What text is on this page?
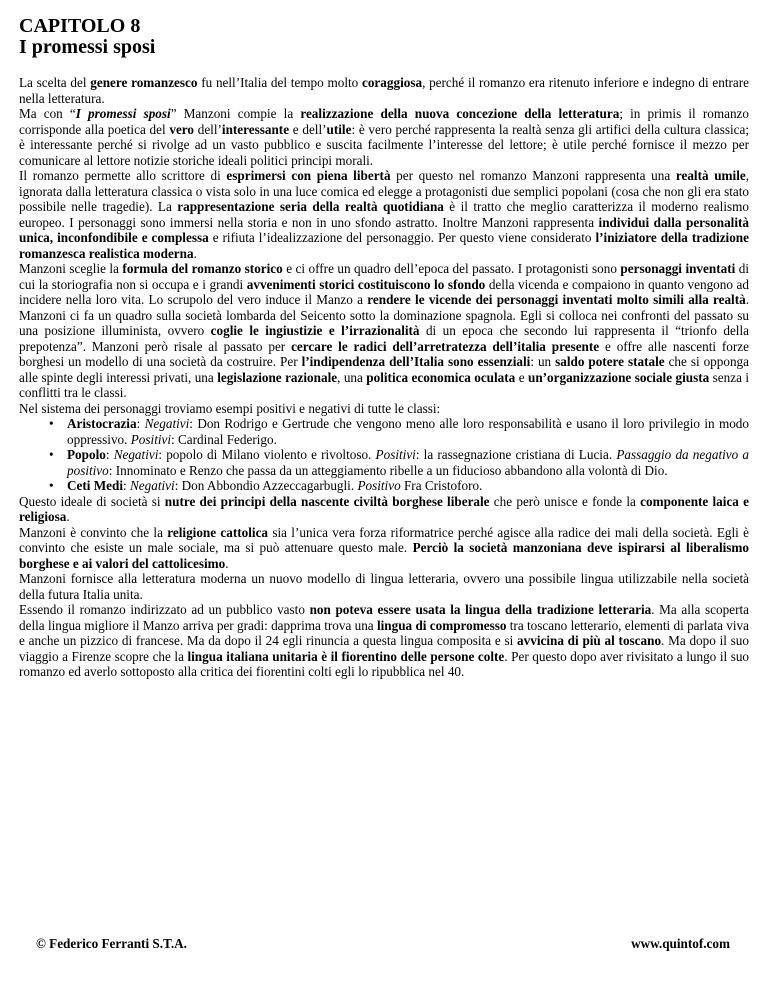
CAPITOLO 8
I promessi sposi

La scelta del genere romanzesco fu nell’Italia del tempo molto coraggiosa, perché il romanzo era ritenuto inferiore e indegno di entrare nella letteratura.

Ma con “I promessi sposi” Manzoni compie la realizzazione della nuova concezione della letteratura; in primis il romanzo corrisponde alla poetica del vero dell’interessante e dell’utile: è vero perché rappresenta la realtà senza gli artifici della cultura classica; è interessante perché si rivolge ad un vasto pubblico e suscita facilmente l’interesse del lettore; è utile perché fornisce il mezzo per comunicare al lettore notizie storiche ideali politici principi morali.

Il romanzo permette allo scrittore di esprimersi con piena libertà per questo nel romanzo Manzoni rappresenta una realtà umile, ignorata dalla letteratura classica o vista solo in una luce comica ed elegge a protagonisti due semplici popolani (cosa che non gli era stato possibile nelle tragedie). La rappresentazione seria della realtà quotidiana è il tratto che meglio caratterizza il moderno realismo europeo. I personaggi sono immersi nella storia e non in uno sfondo astratto. Inoltre Manzoni rappresenta individui dalla personalità unica, inconfondibile e complessa e rifiuta l’idealizzazione del personaggio. Per questo viene considerato l’iniziatore della tradizione romanzesca realistica moderna.

Manzoni sceglie la formula del romanzo storico e ci offre un quadro dell’epoca del passato. I protagonisti sono personaggi inventati di cui la storiografia non si occupa e i grandi avvenimenti storici costituiscono lo sfondo della vicenda e compaiono in quanto vengono ad incidere nella loro vita. Lo scrupolo del vero induce il Manzo a rendere le vicende dei personaggi inventati molto simili alla realtà. Manzoni ci fa un quadro sulla società lombarda del Seicento sotto la dominazione spagnola. Egli si colloca nei confronti del passato su una posizione illuminista, ovvero coglie le ingiustizie e l’irrazionalità di un epoca che secondo lui rappresenta il “trionfo della prepotenza”. Manzoni però risale al passato per cercare le radici dell’arretratezza dell’italia presente e offre alle nascenti forze borghesi un modello di una società da costruire. Per l’indipendenza dell’Italia sono essenziali: un saldo potere statale che si opponga alle spinte degli interessi privati, una legislazione razionale, una politica economica oculata e un’organizzazione sociale giusta senza i conflitti tra le classi.

Nel sistema dei personaggi troviamo esempi positivi e negativi di tutte le classi:

• Aristocrazia: Negativi: Don Rodrigo e Gertrude che vengono meno alle loro responsabilità e usano il loro privilegio in modo oppressivo. Positivi: Cardinal Federigo.
• Popolo: Negativi: popolo di Milano violento e rivoltoso. Positivi: la rassegnazione cristiana di Lucia. Passaggio da negativo a positivo: Innominato e Renzo che passa da un atteggiamento ribelle a un fiducioso abbandono alla volontà di Dio.
• Ceti Medi: Negativi: Don Abbondio Azzeccagarbugli. Positivo Fra Cristoforo.

Questo ideale di società si nutre dei principi della nascente civiltà borghese liberale che però unisce e fonde la componente laica e religiosa.

Manzoni è convinto che la religione cattolica sia l’unica vera forza riformatrice perché agisce alla radice dei mali della società. Egli è convinto che esiste un male sociale, ma si può attenuare questo male. Perciò la società manzoniana deve ispirarsi al liberalismo borghese e ai valori del cattolicesimo.

Manzoni fornisce alla letteratura moderna un nuovo modello di lingua letteraria, ovvero una possibile lingua utilizzabile nella società della futura Italia unita.

Essendo il romanzo indirizzato ad un pubblico vasto non poteva essere usata la lingua della tradizione letteraria. Ma alla scoperta della lingua migliore il Manzo arriva per gradi: dapprima trova una lingua di compromesso tra toscano letterario, elementi di parlata viva e anche un pizzico di francese. Ma da dopo il 24 egli rinuncia a questa lingua composita e si avvicina di più al toscano. Ma dopo il suo viaggio a Firenze scopre che la lingua italiana unitaria è il fiorentino delle persone colte. Per questo dopo aver rivisitato a lungo il suo romanzo ed averlo sottoposto alla critica dei fiorentini colti egli lo ripubblica nel 40.

© Federico Ferranti S.T.A.	www.quintof.com
